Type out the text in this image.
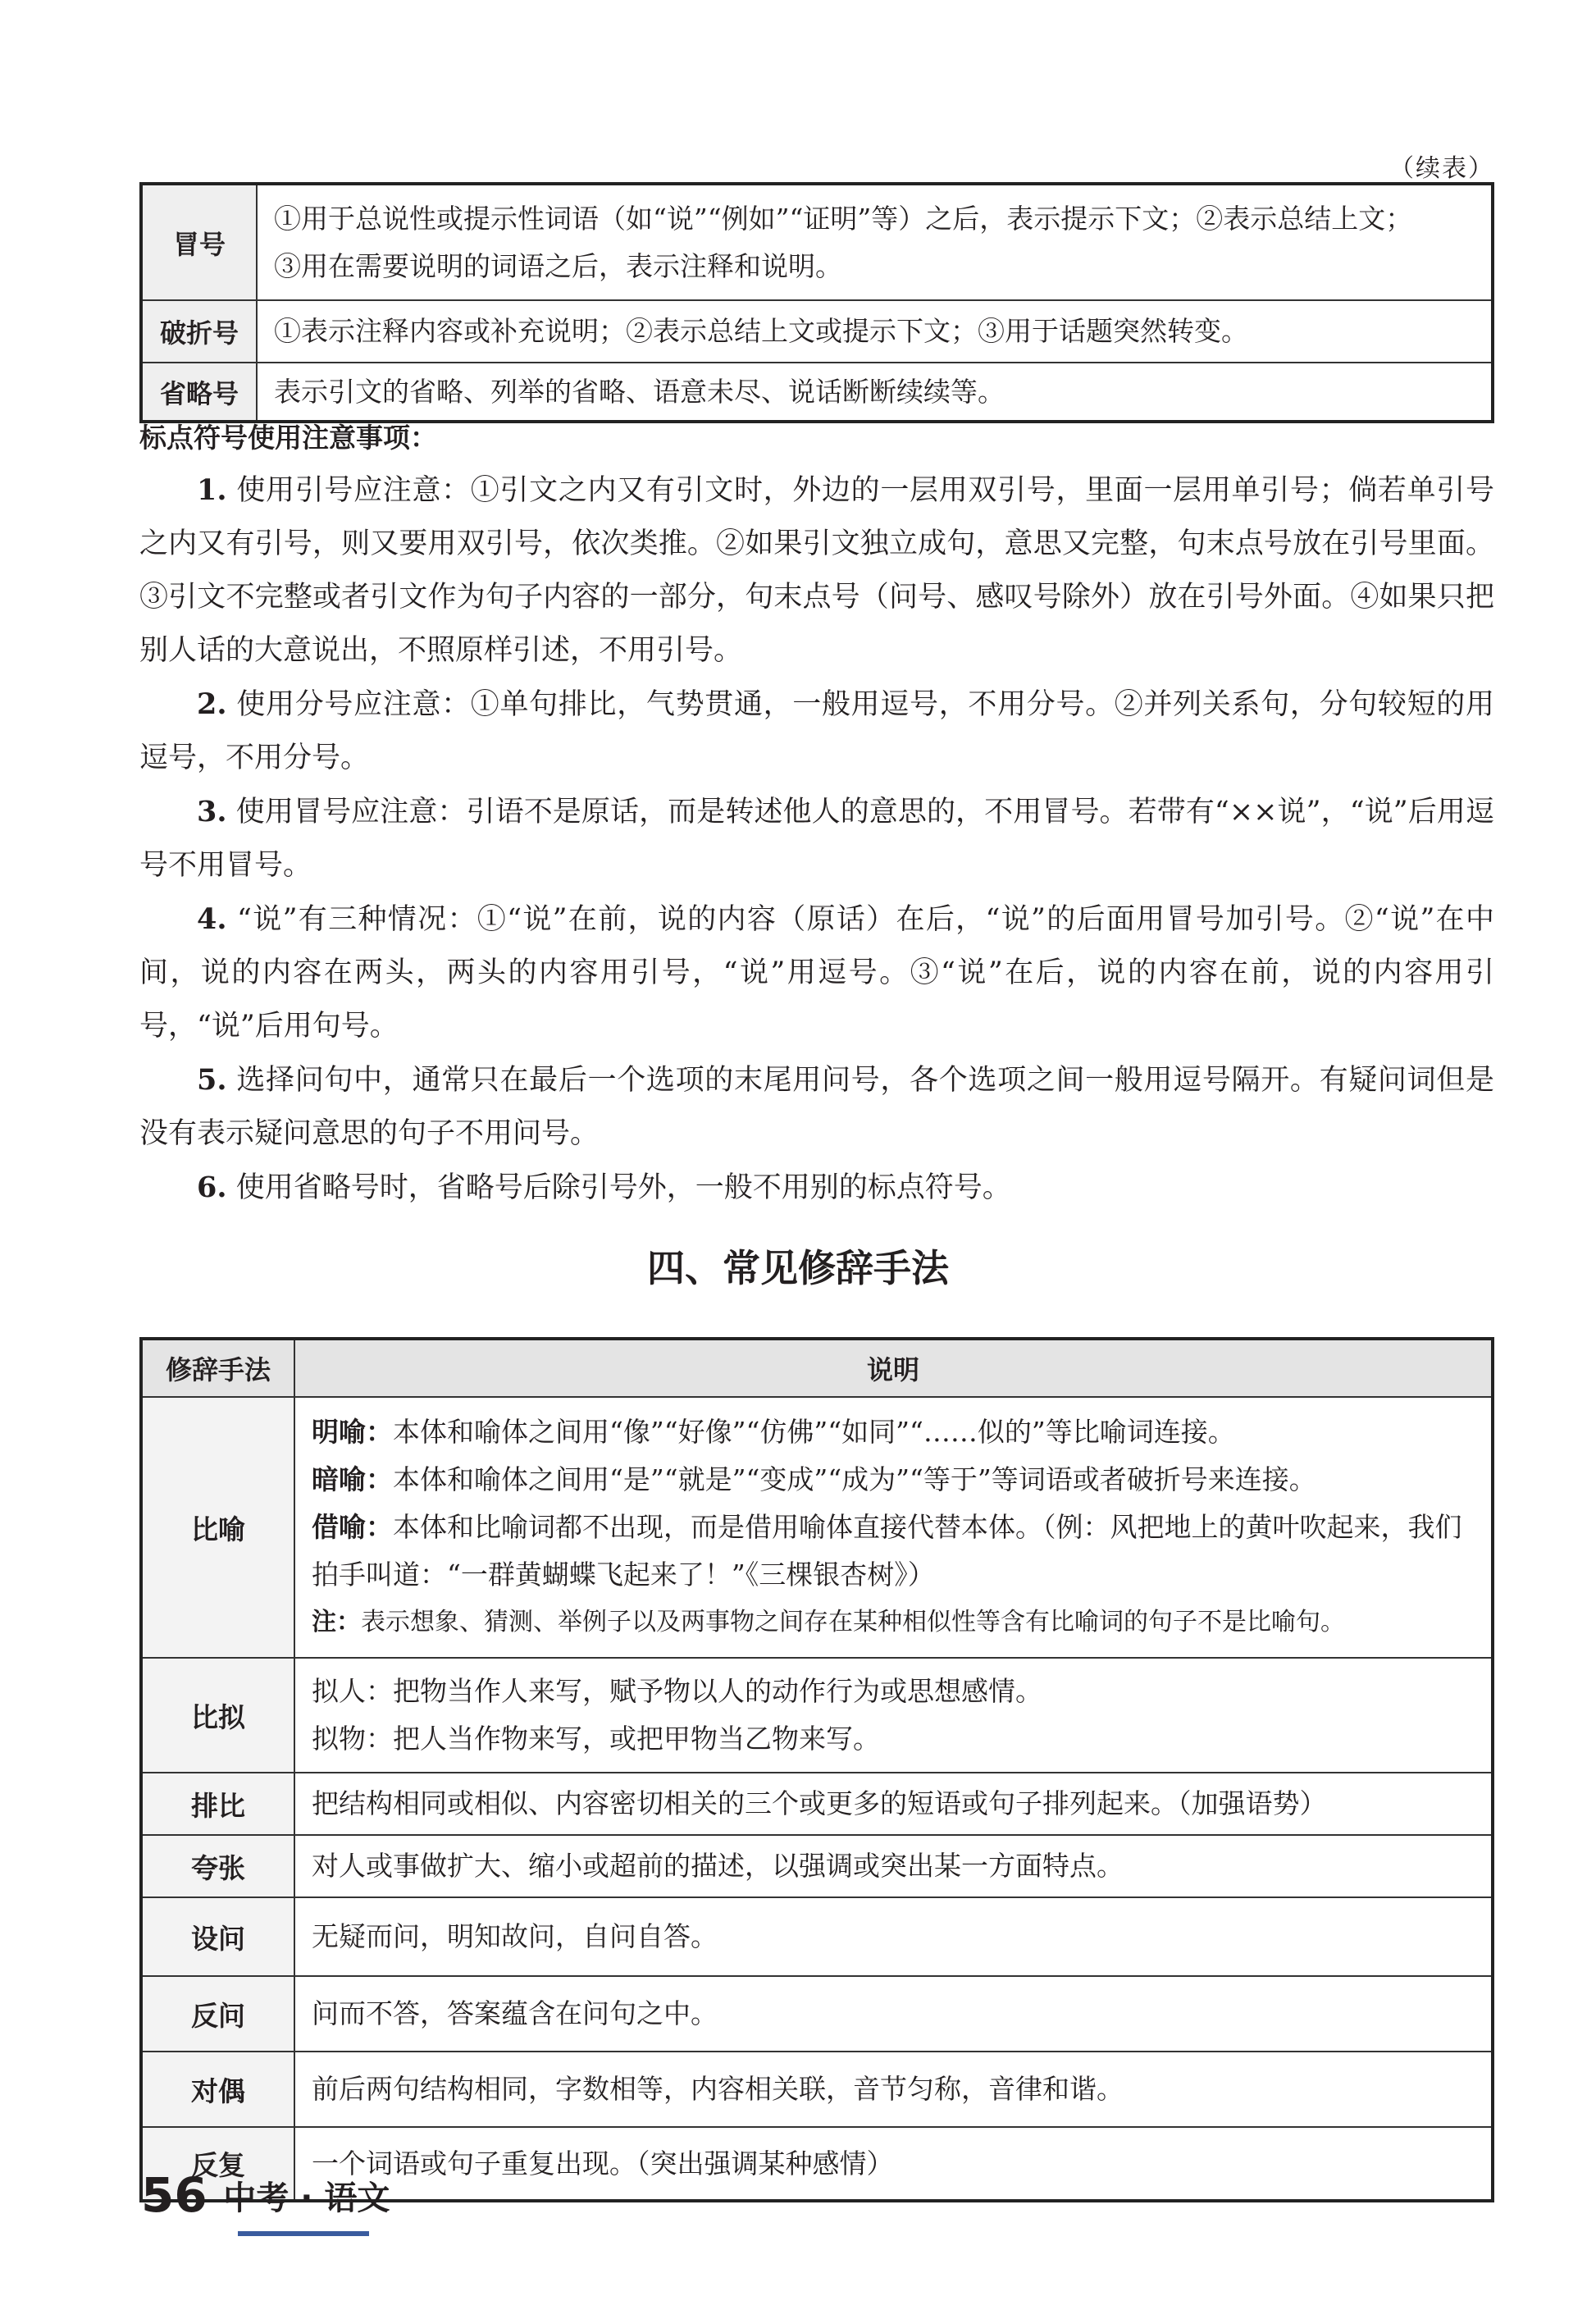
（续表）
冒号	①用于总说性或提示性词语（如“说”“例如”“证明”等）之后，表示提示下文；②表示总结上文；
③用在需要说明的词语之后，表示注释和说明。

破折号	①表示注释内容或补充说明；②表示总结上文或提示下文；③用于话题突然转变。
省略号	表示引文的省略、列举的省略、语意未尽、说话断断续续等。
标点符号使用注意事项：

1. 使用引号应注意：①引文之内又有引文时，外边的一层用双引号，里面一层用单引号；倘若单引号之内又有引号，则又要用双引号，依次类推。②如果引文独立成句，意思又完整，句末点号放在引号里面。③引文不完整或者引文作为句子内容的一部分，句末点号（问号、感叹号除外）放在引号外面。④如果只把别人话的大意说出，不照原样引述，不用引号。

2. 使用分号应注意：①单句排比，气势贯通，一般用逗号，不用分号。②并列关系句，分句较短的用逗号，不用分号。

3. 使用冒号应注意：引语不是原话，而是转述他人的意思的，不用冒号。若带有“××说”，“说”后用逗号不用冒号。

4. “说”有三种情况：①“说”在前，说的内容（原话）在后，“说”的后面用冒号加引号。②“说”在中间，说的内容在两头，两头的内容用引号，“说”用逗号。③“说”在后，说的内容在前，说的内容用引号，“说”后用句号。

5. 选择问句中，通常只在最后一个选项的末尾用问号，各个选项之间一般用逗号隔开。有疑问词但是没有表示疑问意思的句子不用问号。

6. 使用省略号时，省略号后除引号外，一般不用别的标点符号。

四、常见修辞手法
修辞手法	说明
比喻	明喻：本体和喻体之间用“像”“好像”“仿佛”“如同”“……似的”等比喻词连接。
暗喻：本体和喻体之间用“是”“就是”“变成”“成为”“等于”等词语或者破折号来连接。
借喻：本体和比喻词都不出现，而是借用喻体直接代替本体。（例：风把地上的黄叶吹起来，我们拍手叫道：“一群黄蝴蝶飞起来了！”《三棵银杏树》）
注：表示想象、猜测、举例子以及两事物之间存在某种相似性等含有比喻词的句子不是比喻句。

比拟	拟人：把物当作人来写，赋予物以人的动作行为或思想感情。
拟物：把人当作物来写，或把甲物当乙物来写。

排比	把结构相同或相似、内容密切相关的三个或更多的短语或句子排列起来。（加强语势）
夸张	对人或事做扩大、缩小或超前的描述，以强调或突出某一方面特点。
设问	无疑而问，明知故问，自问自答。
反问	问而不答，答案蕴含在问句之中。
对偶	前后两句结构相同，字数相等，内容相关联，音节匀称，音律和谐。
反复	一个词语或句子重复出现。（突出强调某种感情）
56 中考 · 语文
